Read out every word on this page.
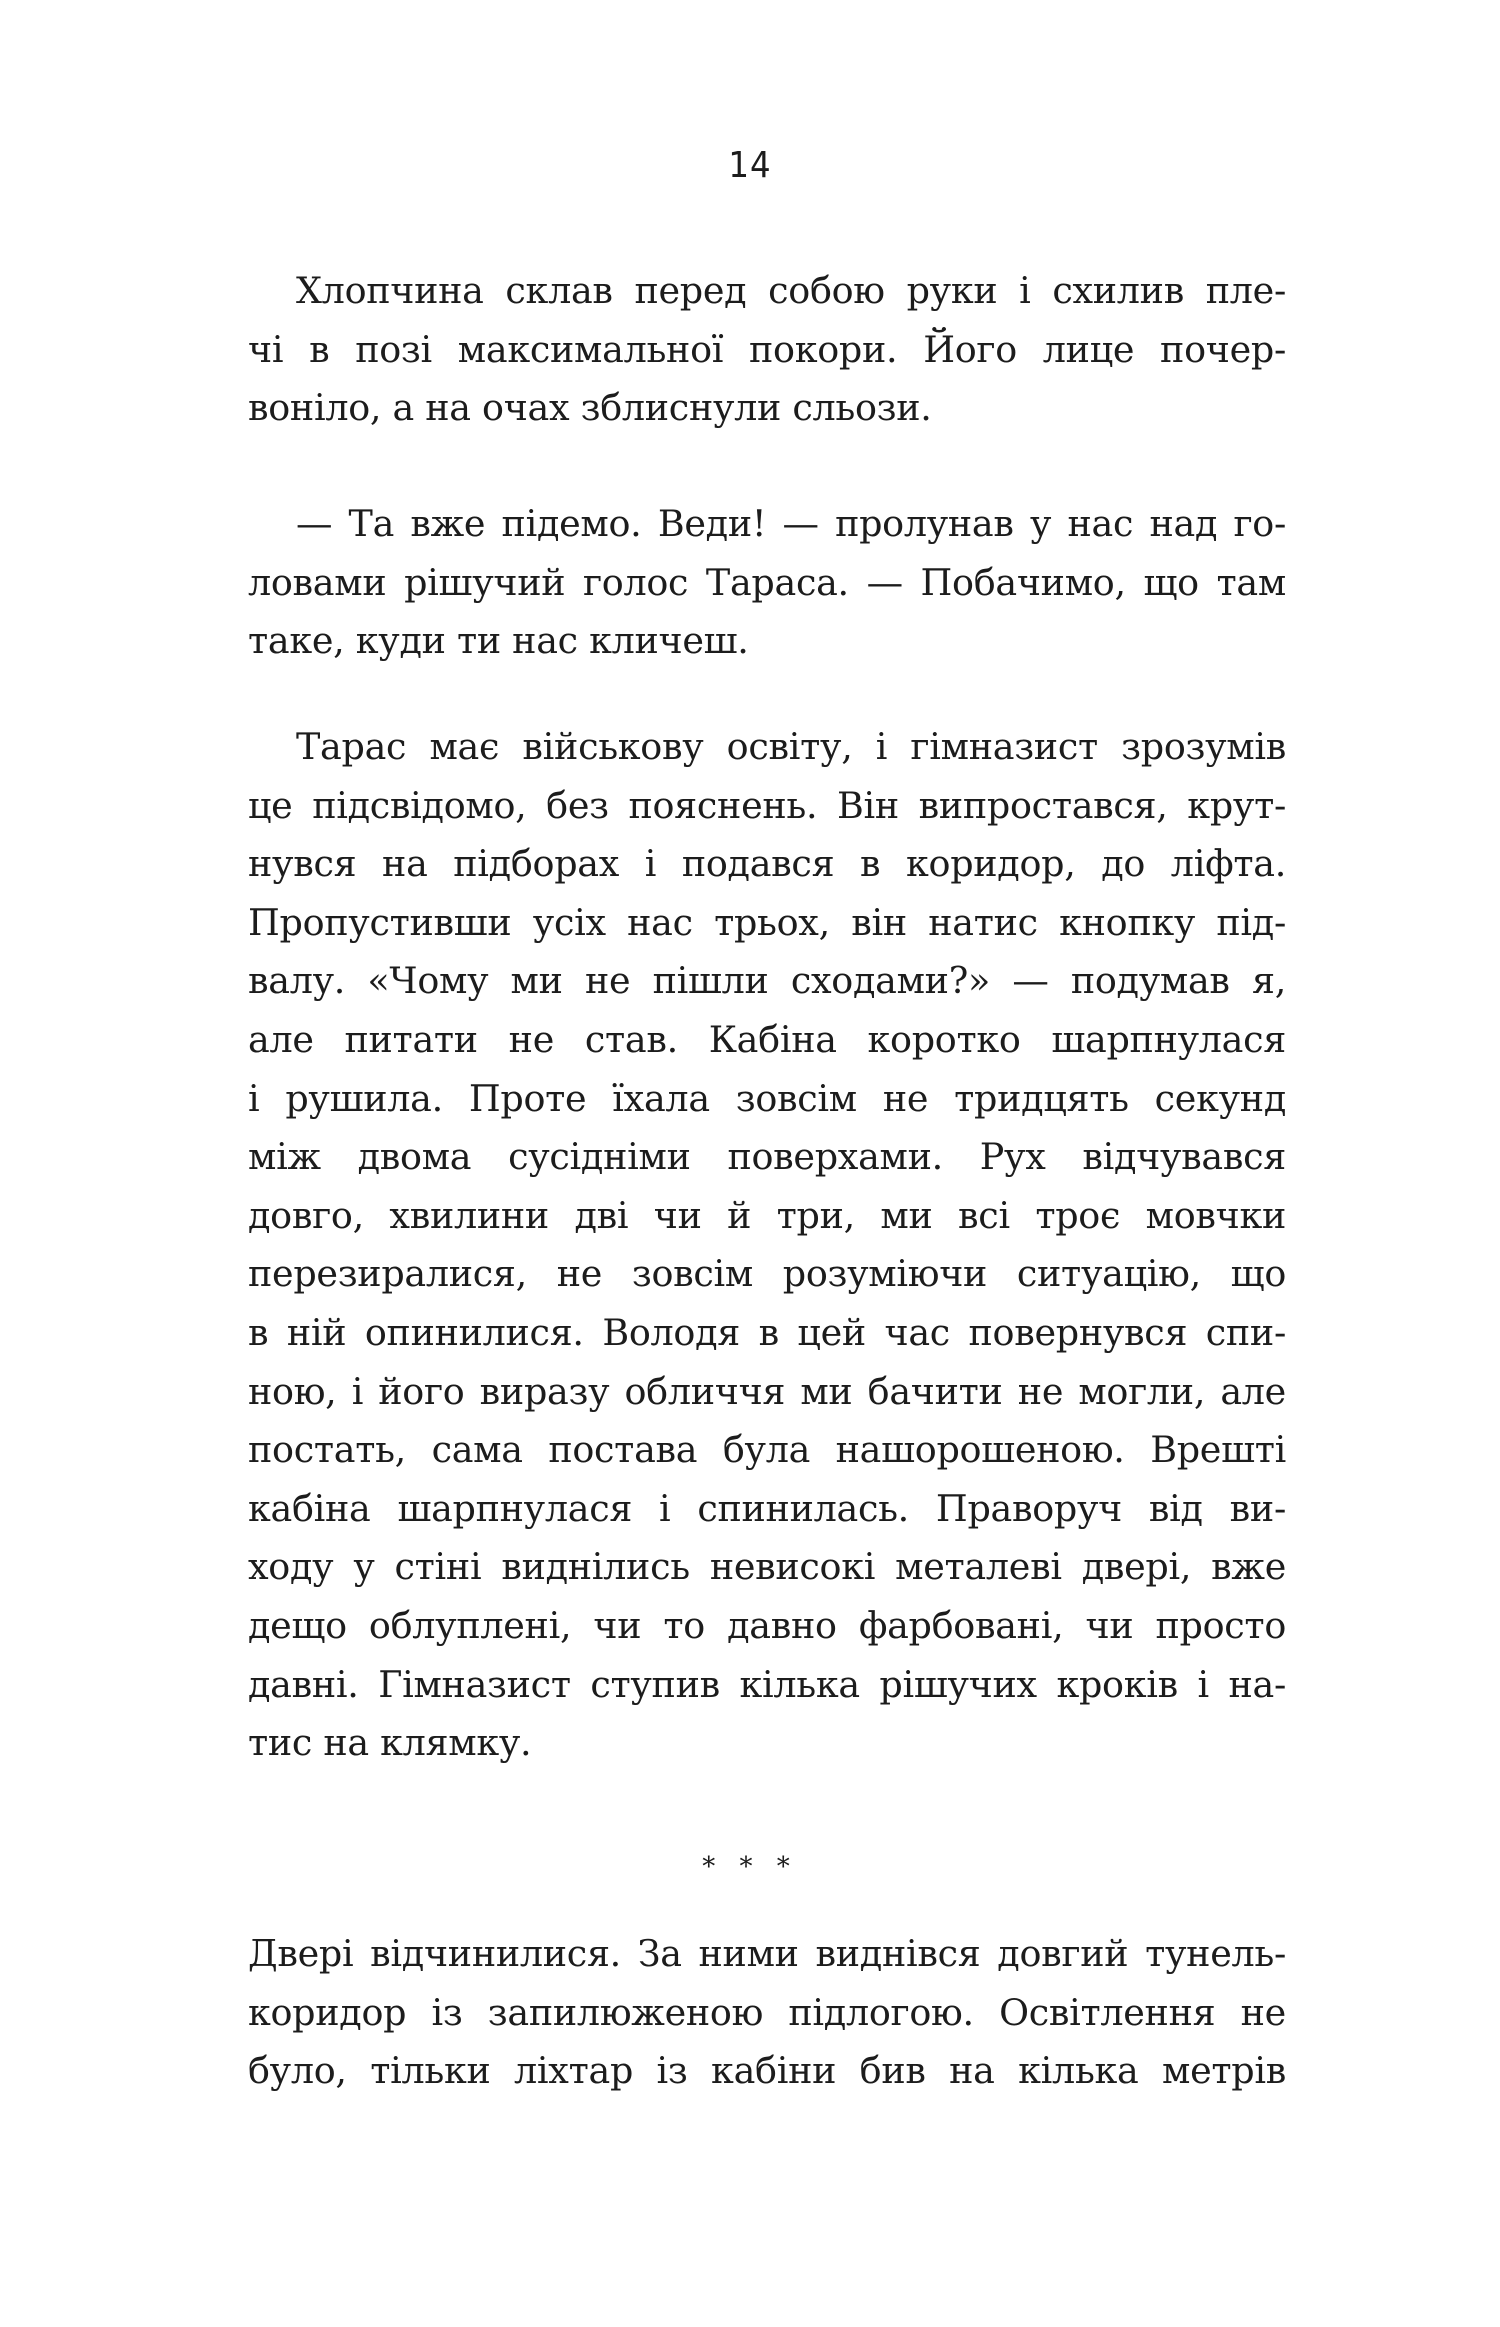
14
Хлопчина склав перед собою руки і схилив пле-
чі в позі максимальної покори. Його лице почер-
воніло, а на очах зблиснули сльози.
— Та вже підемо. Веди! — пролунав у нас над го-
ловами рішучий голос Тараса. — Побачимо, що там
таке, куди ти нас кличеш.
Тарас має військову освіту, і гімназист зрозумів
це підсвідомо, без пояснень. Він випростався, крут-
нувся на підборах і подався в коридор, до ліфта.
Пропустивши усіх нас трьох, він натис кнопку під-
валу. «Чому ми не пішли сходами?» — подумав я,
але питати не став. Кабіна коротко шарпнулася
і рушила. Проте їхала зовсім не тридцять секунд
між двома сусідніми поверхами. Рух відчувався
довго, хвилини дві чи й три, ми всі троє мовчки
перезиралися, не зовсім розуміючи ситуацію, що
в ній опинилися. Володя в цей час повернувся спи-
ною, і його виразу обличчя ми бачити не могли, але
постать, сама постава була нашорошеною. Врешті
кабіна шарпнулася і спинилась. Праворуч від ви-
ходу у стіні виднілись невисокі металеві двері, вже
дещо облуплені, чи то давно фарбовані, чи просто
давні. Гімназист ступив кілька рішучих кроків і на-
тис на клямку.
* * *
Двері відчинилися. За ними виднівся довгий тунель-
коридор із запилюженою підлогою. Освітлення не
було, тільки ліхтар із кабіни бив на кілька метрів
